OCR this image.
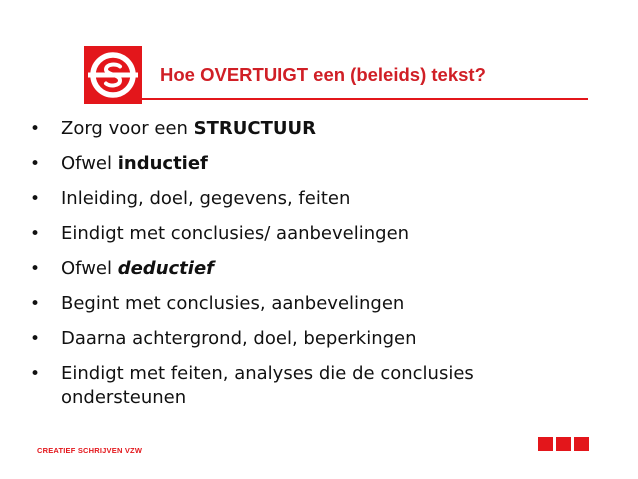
Hoe OVERTUIGT een (beleids) tekst?
• Zorg voor een STRUCTUUR
• Ofwel inductief
• Inleiding, doel, gegevens, feiten
• Eindigt met conclusies/ aanbevelingen
• Ofwel deductief
• Begint met conclusies, aanbevelingen
• Daarna achtergrond, doel, beperkingen
• Eindigt met feiten, analyses die de conclusies ondersteunen
CREATIEF SCHRIJVEN VZW
